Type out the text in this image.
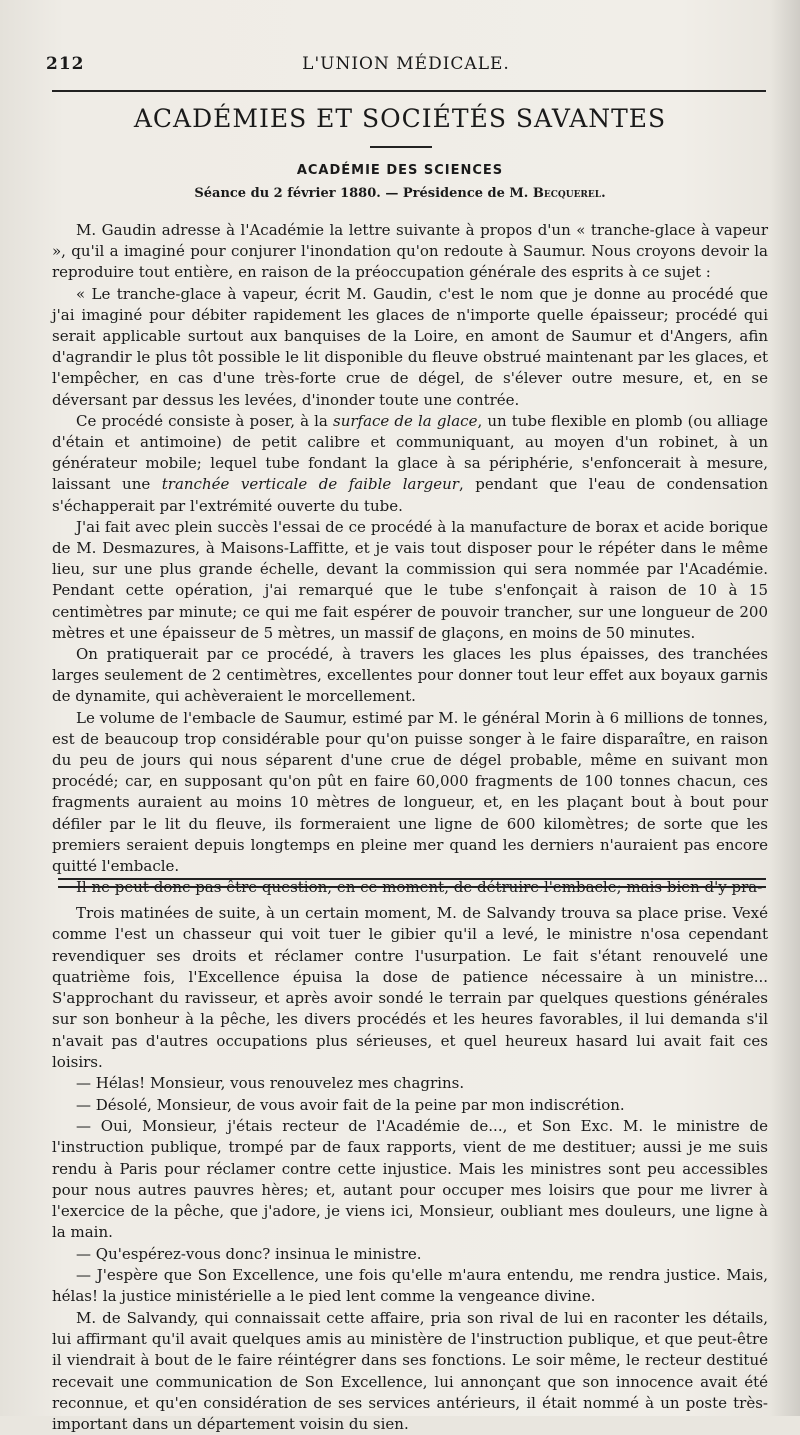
212	L'UNION MÉDICALE.
ACADÉMIES ET SOCIÉTÉS SAVANTES
ACADÉMIE DES SCIENCES
Séance du 2 février 1880. — Présidence de M. Becquerel.

M. Gaudin adresse à l'Académie la lettre suivante à propos d'un « tranche-glace à vapeur », qu'il a imaginé pour conjurer l'inondation qu'on redoute à Saumur. Nous croyons devoir la reproduire tout entière, en raison de la préoccupation générale des esprits à ce sujet :

« Le tranche-glace à vapeur, écrit M. Gaudin, c'est le nom que je donne au procédé que j'ai imaginé pour débiter rapidement les glaces de n'importe quelle épaisseur; procédé qui serait applicable surtout aux banquises de la Loire, en amont de Saumur et d'Angers, afin d'agrandir le plus tôt possible le lit disponible du fleuve obstrué maintenant par les glaces, et l'empêcher, en cas d'une très-forte crue de dégel, de s'élever outre mesure, et, en se déversant par dessus les levées, d'inonder toute une contrée.

Ce procédé consiste à poser, à la surface de la glace, un tube flexible en plomb (ou alliage d'étain et antimoine) de petit calibre et communiquant, au moyen d'un robinet, à un générateur mobile; lequel tube fondant la glace à sa périphérie, s'enfoncerait à mesure, laissant une tranchée verticale de faible largeur, pendant que l'eau de condensation s'échapperait par l'extrémité ouverte du tube.

J'ai fait avec plein succès l'essai de ce procédé à la manufacture de borax et acide borique de M. Desmazures, à Maisons-Laffitte, et je vais tout disposer pour le répéter dans le même lieu, sur une plus grande échelle, devant la commission qui sera nommée par l'Académie. Pendant cette opération, j'ai remarqué que le tube s'enfonçait à raison de 10 à 15 centimètres par minute; ce qui me fait espérer de pouvoir trancher, sur une longueur de 200 mètres et une épaisseur de 5 mètres, un massif de glaçons, en moins de 50 minutes.

On pratiquerait par ce procédé, à travers les glaces les plus épaisses, des tranchées larges seulement de 2 centimètres, excellentes pour donner tout leur effet aux boyaux garnis de dynamite, qui achèveraient le morcellement.

Le volume de l'embacle de Saumur, estimé par M. le général Morin à 6 millions de tonnes, est de beaucoup trop considérable pour qu'on puisse songer à le faire disparaître, en raison du peu de jours qui nous séparent d'une crue de dégel probable, même en suivant mon procédé; car, en supposant qu'on pût en faire 60,000 fragments de 100 tonnes chacun, ces fragments auraient au moins 10 mètres de longueur, et, en les plaçant bout à bout pour défiler par le lit du fleuve, ils formeraient une ligne de 600 kilomètres; de sorte que les premiers seraient depuis longtemps en pleine mer quand les derniers n'auraient pas encore quitté l'embacle.

Il ne peut donc pas être question, en ce moment, de détruire l'embacle; mais bien d'y pra-

Trois matinées de suite, à un certain moment, M. de Salvandy trouva sa place prise. Vexé comme l'est un chasseur qui voit tuer le gibier qu'il a levé, le ministre n'osa cependant revendiquer ses droits et réclamer contre l'usurpation. Le fait s'étant renouvelé une quatrième fois, l'Excellence épuisa la dose de patience nécessaire à un ministre... S'approchant du ravisseur, et après avoir sondé le terrain par quelques questions générales sur son bonheur à la pêche, les divers procédés et les heures favorables, il lui demanda s'il n'avait pas d'autres occupations plus sérieuses, et quel heureux hasard lui avait fait ces loisirs.

— Hélas! Monsieur, vous renouvelez mes chagrins.

— Désolé, Monsieur, de vous avoir fait de la peine par mon indiscrétion.

— Oui, Monsieur, j'étais recteur de l'Académie de..., et Son Exc. M. le ministre de l'instruction publique, trompé par de faux rapports, vient de me destituer; aussi je me suis rendu à Paris pour réclamer contre cette injustice. Mais les ministres sont peu accessibles pour nous autres pauvres hères; et, autant pour occuper mes loisirs que pour me livrer à l'exercice de la pêche, que j'adore, je viens ici, Monsieur, oubliant mes douleurs, une ligne à la main.

— Qu'espérez-vous donc? insinua le ministre.

— J'espère que Son Excellence, une fois qu'elle m'aura entendu, me rendra justice. Mais, hélas! la justice ministérielle a le pied lent comme la vengeance divine.

M. de Salvandy, qui connaissait cette affaire, pria son rival de lui en raconter les détails, lui affirmant qu'il avait quelques amis au ministère de l'instruction publique, et que peut-être il viendrait à bout de le faire réintégrer dans ses fonctions. Le soir même, le recteur destitué recevait une communication de Son Excellence, lui annonçant que son innocence avait été reconnue, et qu'en considération de ses services antérieurs, il était nommé à un poste très-important dans un département voisin du sien.
